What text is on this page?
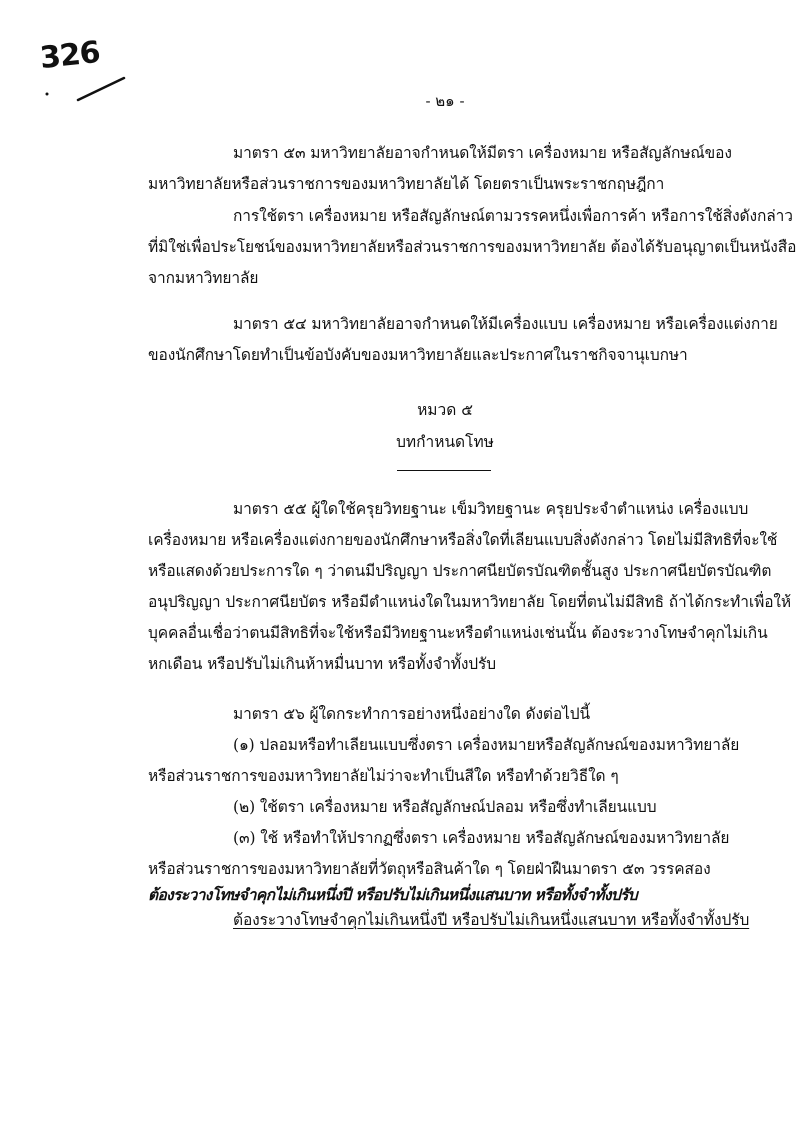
326
- ๒๑ -
มาตรา ๕๓ มหาวิทยาลัยอาจกำหนดให้มีตรา เครื่องหมาย หรือสัญลักษณ์ของ
มหาวิทยาลัยหรือส่วนราชการของมหาวิทยาลัยได้ โดยตราเป็นพระราชกฤษฎีกา
การใช้ตรา เครื่องหมาย หรือสัญลักษณ์ตามวรรคหนึ่งเพื่อการค้า หรือการใช้สิ่งดังกล่าว
ที่มิใช่เพื่อประโยชน์ของมหาวิทยาลัยหรือส่วนราชการของมหาวิทยาลัย ต้องได้รับอนุญาตเป็นหนังสือ
จากมหาวิทยาลัย
มาตรา ๕๔ มหาวิทยาลัยอาจกำหนดให้มีเครื่องแบบ เครื่องหมาย หรือเครื่องแต่งกาย
ของนักศึกษาโดยทำเป็นข้อบังคับของมหาวิทยาลัยและประกาศในราชกิจจานุเบกษา
หมวด ๕
บทกำหนดโทษ
มาตรา ๕๕ ผู้ใดใช้ครุยวิทยฐานะ เข็มวิทยฐานะ ครุยประจำตำแหน่ง เครื่องแบบ
เครื่องหมาย หรือเครื่องแต่งกายของนักศึกษาหรือสิ่งใดที่เลียนแบบสิ่งดังกล่าว โดยไม่มีสิทธิที่จะใช้
หรือแสดงด้วยประการใด ๆ ว่าตนมีปริญญา ประกาศนียบัตรบัณฑิตชั้นสูง ประกาศนียบัตรบัณฑิต
อนุปริญญา ประกาศนียบัตร หรือมีตำแหน่งใดในมหาวิทยาลัย โดยที่ตนไม่มีสิทธิ ถ้าได้กระทำเพื่อให้
บุคคลอื่นเชื่อว่าตนมีสิทธิที่จะใช้หรือมีวิทยฐานะหรือตำแหน่งเช่นนั้น ต้องระวางโทษจำคุกไม่เกิน
หกเดือน หรือปรับไม่เกินห้าหมื่นบาท หรือทั้งจำทั้งปรับ
มาตรา ๕๖ ผู้ใดกระทำการอย่างหนึ่งอย่างใด ดังต่อไปนี้
(๑) ปลอมหรือทำเลียนแบบซึ่งตรา เครื่องหมายหรือสัญลักษณ์ของมหาวิทยาลัย
หรือส่วนราชการของมหาวิทยาลัยไม่ว่าจะทำเป็นสีใด หรือทำด้วยวิธีใด ๆ
(๒) ใช้ตรา เครื่องหมาย หรือสัญลักษณ์ปลอม หรือซึ่งทำเลียนแบบ
(๓) ใช้ หรือทำให้ปรากฏซึ่งตรา เครื่องหมาย หรือสัญลักษณ์ของมหาวิทยาลัย
หรือส่วนราชการของมหาวิทยาลัยที่วัตถุหรือสินค้าใด ๆ โดยฝ่าฝืนมาตรา ๕๓ วรรคสอง
ต้องระวางโทษจำคุกไม่เกินหนึ่งปี หรือปรับไม่เกินหนึ่งแสนบาท หรือทั้งจำทั้งปรับ
ต้องระวางโทษจำคุกไม่เกินหนึ่งปี หรือปรับไม่เกินหนึ่งแสนบาท หรือทั้งจำทั้งปรับ
